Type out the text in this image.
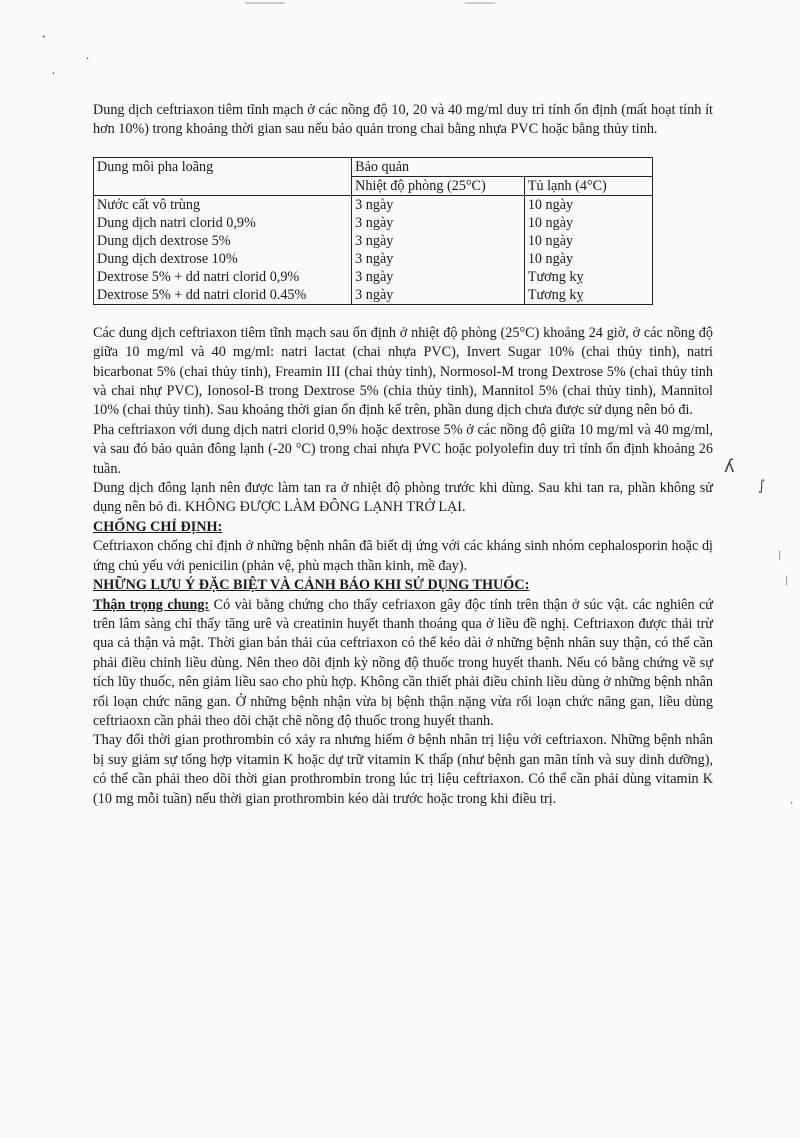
•
•
•
ʎ
∫
|
|
‚

Dung dịch ceftriaxon tiêm tĩnh mạch ở các nồng độ 10, 20 và 40 mg/ml duy trì tính ổn định (mất hoạt tính ít hơn 10%) trong khoảng thời gian sau nếu bảo quản trong chai bằng nhựa PVC hoặc bằng thủy tinh.

Dung môi pha loãng	Bảo quản	
	Nhiệt độ phòng (25°C)	Tủ lạnh (4°C)
Nước cất vô trùng	3 ngày	10 ngày
Dung dịch natri clorid 0,9%	3 ngày	10 ngày
Dung dịch dextrose 5%	3 ngày	10 ngày
Dung dịch dextrose 10%	3 ngày	10 ngày
Dextrose 5% + dd natri clorid 0,9%	3 ngày	Tương kỵ
Dextrose 5% + dd natri clorid 0.45%	3 ngày	Tương kỵ

Các dung dịch ceftriaxon tiêm tĩnh mạch sau ổn định ở nhiệt độ phòng (25°C) khoảng 24 giờ, ở các nồng độ giữa 10 mg/ml và 40 mg/ml: natri lactat (chai nhựa PVC), Invert Sugar 10% (chai thủy tinh), natri bicarbonat 5% (chai thủy tinh), Freamin III (chai thủy tinh), Normosol-M trong Dextrose 5% (chai thủy tinh và chai nhự PVC), Ionosol-B trong Dextrose 5% (chia thủy tinh), Mannitol 5% (chai thủy tinh), Mannitol 10% (chai thủy tinh). Sau khoảng thời gian ổn định kể trên, phần dung dịch chưa được sử dụng nên bỏ đi.

Pha ceftriaxon với dung dịch natri clorid 0,9% hoặc dextrose 5% ở các nồng độ giữa 10 mg/ml và 40 mg/ml, và sau đó bảo quản đông lạnh (-20 °C) trong chai nhựa PVC hoặc polyolefin duy trì tính ổn định khoảng 26 tuần.

Dung dịch đông lạnh nên được làm tan ra ở nhiệt độ phòng trước khi dùng. Sau khi tan ra, phần không sử dụng nên bỏ đi. KHÔNG ĐƯỢC LÀM ĐÔNG LẠNH TRỞ LẠI.

CHỐNG CHỈ ĐỊNH:

Ceftriaxon chống chỉ định ở những bệnh nhân đã biết dị ứng với các kháng sinh nhóm cephalosporin hoặc dị ứng chủ yếu với penicilin (phản vệ, phù mạch thần kinh, mề đay).

NHỮNG LƯU Ý ĐẶC BIỆT VÀ CẢNH BÁO KHI SỬ DỤNG THUỐC:

Thận trọng chung: Có vài bằng chứng cho thấy cefriaxon gây độc tính trên thận ở súc vật. các nghiên cứ trên lâm sàng chỉ thấy tăng urê và creatinin huyết thanh thoáng qua ở liều đề nghị. Ceftriaxon được thải trừ qua cả thận và mật. Thời gian bán thải của ceftriaxon có thể kéo dài ở những bệnh nhân suy thận, có thể cần phải điều chỉnh liều dùng. Nên theo dõi định kỳ nồng độ thuốc trong huyết thanh. Nếu có bằng chứng về sự tích lũy thuốc, nên giảm liều sao cho phù hợp. Không cần thiết phải điều chỉnh liều dùng ở những bệnh nhân rối loạn chức năng gan. Ở những bệnh nhận vừa bị bệnh thận nặng vừa rối loạn chức năng gan, liều dùng ceftriaoxn cần phải theo dõi chặt chẽ nồng độ thuốc trong huyết thanh.

Thay đổi thời gian prothrombin có xảy ra nhưng hiếm ở bệnh nhân trị liệu với ceftriaxon. Những bệnh nhân bị suy giảm sự tổng hợp vitamin K hoặc dự trữ vitamin K thấp (như bệnh gan mãn tính và suy dinh dưỡng), có thể cần phải theo dõi thời gian prothrombin trong lúc trị liệu ceftriaxon. Có thể cần phải dùng vitamin K (10 mg mỗi tuần) nếu thời gian prothrombin kéo dài trước hoặc trong khi điều trị.
